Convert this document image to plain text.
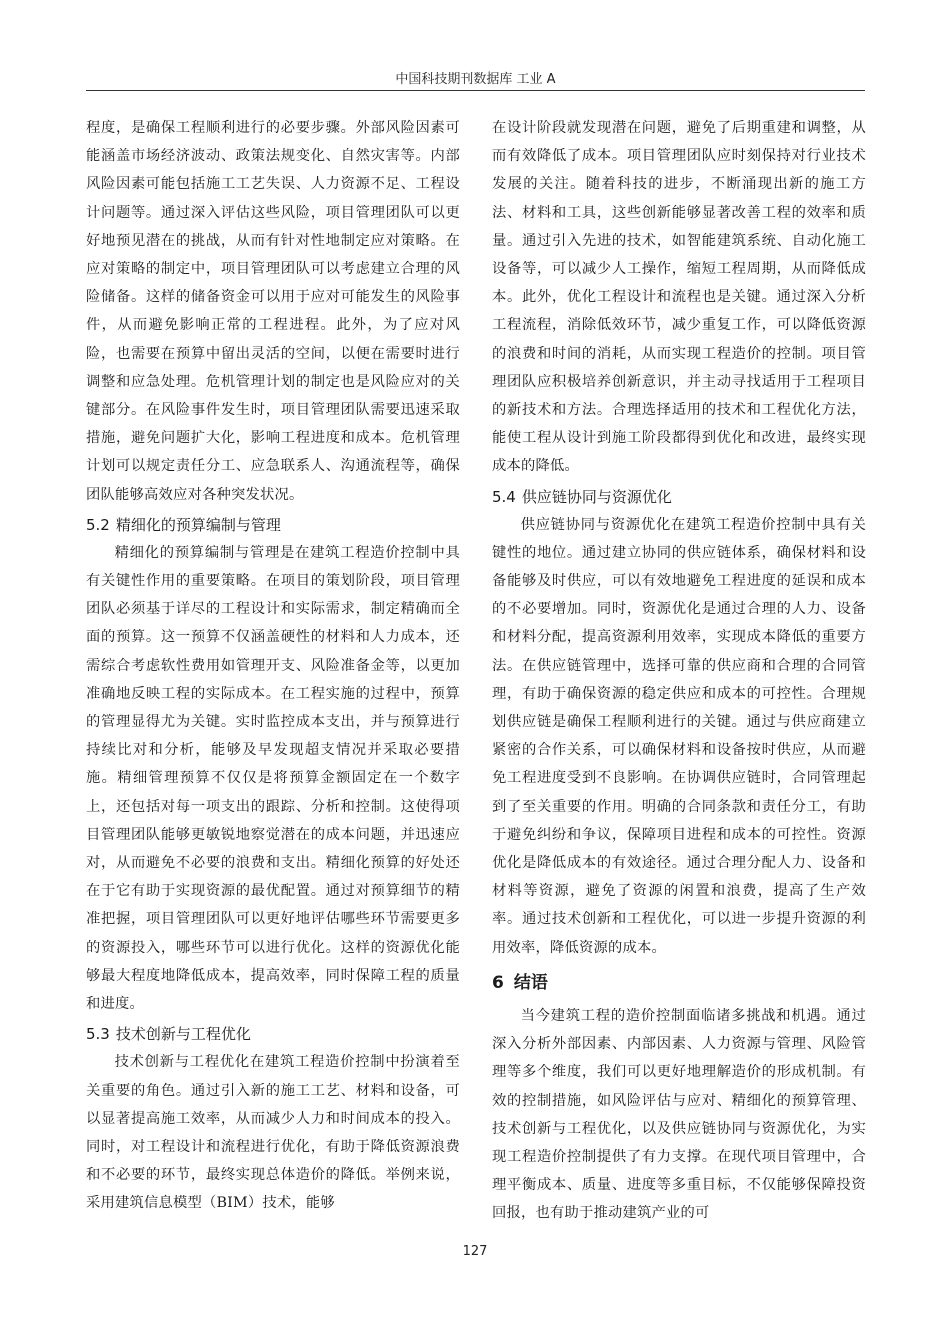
中国科技期刊数据库 工业 A

程度，是确保工程顺利进行的必要步骤。外部风险因素可能涵盖市场经济波动、政策法规变化、自然灾害等。内部风险因素可能包括施工工艺失误、人力资源不足、工程设计问题等。通过深入评估这些风险，项目管理团队可以更好地预见潜在的挑战，从而有针对性地制定应对策略。在应对策略的制定中，项目管理团队可以考虑建立合理的风险储备。这样的储备资金可以用于应对可能发生的风险事件，从而避免影响正常的工程进程。此外，为了应对风险，也需要在预算中留出灵活的空间，以便在需要时进行调整和应急处理。危机管理计划的制定也是风险应对的关键部分。在风险事件发生时，项目管理团队需要迅速采取措施，避免问题扩大化，影响工程进度和成本。危机管理计划可以规定责任分工、应急联系人、沟通流程等，确保团队能够高效应对各种突发状况。

5.2 精细化的预算编制与管理

精细化的预算编制与管理是在建筑工程造价控制中具有关键性作用的重要策略。在项目的策划阶段，项目管理团队必须基于详尽的工程设计和实际需求，制定精确而全面的预算。这一预算不仅涵盖硬性的材料和人力成本，还需综合考虑软性费用如管理开支、风险准备金等，以更加准确地反映工程的实际成本。在工程实施的过程中，预算的管理显得尤为关键。实时监控成本支出，并与预算进行持续比对和分析，能够及早发现超支情况并采取必要措施。精细管理预算不仅仅是将预算金额固定在一个数字上，还包括对每一项支出的跟踪、分析和控制。这使得项目管理团队能够更敏锐地察觉潜在的成本问题，并迅速应对，从而避免不必要的浪费和支出。精细化预算的好处还在于它有助于实现资源的最优配置。通过对预算细节的精准把握，项目管理团队可以更好地评估哪些环节需要更多的资源投入，哪些环节可以进行优化。这样的资源优化能够最大程度地降低成本，提高效率，同时保障工程的质量和进度。

5.3 技术创新与工程优化

技术创新与工程优化在建筑工程造价控制中扮演着至关重要的角色。通过引入新的施工工艺、材料和设备，可以显著提高施工效率，从而减少人力和时间成本的投入。同时，对工程设计和流程进行优化，有助于降低资源浪费和不必要的环节，最终实现总体造价的降低。举例来说，采用建筑信息模型（BIM）技术，能够

在设计阶段就发现潜在问题，避免了后期重建和调整，从而有效降低了成本。项目管理团队应时刻保持对行业技术发展的关注。随着科技的进步，不断涌现出新的施工方法、材料和工具，这些创新能够显著改善工程的效率和质量。通过引入先进的技术，如智能建筑系统、自动化施工设备等，可以减少人工操作，缩短工程周期，从而降低成本。此外，优化工程设计和流程也是关键。通过深入分析工程流程，消除低效环节，减少重复工作，可以降低资源的浪费和时间的消耗，从而实现工程造价的控制。项目管理团队应积极培养创新意识，并主动寻找适用于工程项目的新技术和方法。合理选择适用的技术和工程优化方法，能使工程从设计到施工阶段都得到优化和改进，最终实现成本的降低。

5.4 供应链协同与资源优化

供应链协同与资源优化在建筑工程造价控制中具有关键性的地位。通过建立协同的供应链体系，确保材料和设备能够及时供应，可以有效地避免工程进度的延误和成本的不必要增加。同时，资源优化是通过合理的人力、设备和材料分配，提高资源利用效率，实现成本降低的重要方法。在供应链管理中，选择可靠的供应商和合理的合同管理，有助于确保资源的稳定供应和成本的可控性。合理规划供应链是确保工程顺利进行的关键。通过与供应商建立紧密的合作关系，可以确保材料和设备按时供应，从而避免工程进度受到不良影响。在协调供应链时，合同管理起到了至关重要的作用。明确的合同条款和责任分工，有助于避免纠纷和争议，保障项目进程和成本的可控性。资源优化是降低成本的有效途径。通过合理分配人力、设备和材料等资源，避免了资源的闲置和浪费，提高了生产效率。通过技术创新和工程优化，可以进一步提升资源的利用效率，降低资源的成本。

6 结语

当今建筑工程的造价控制面临诸多挑战和机遇。通过深入分析外部因素、内部因素、人力资源与管理、风险管理等多个维度，我们可以更好地理解造价的形成机制。有效的控制措施，如风险评估与应对、精细化的预算管理、技术创新与工程优化，以及供应链协同与资源优化，为实现工程造价控制提供了有力支撑。在现代项目管理中，合理平衡成本、质量、进度等多重目标，不仅能够保障投资回报，也有助于推动建筑产业的可

127
